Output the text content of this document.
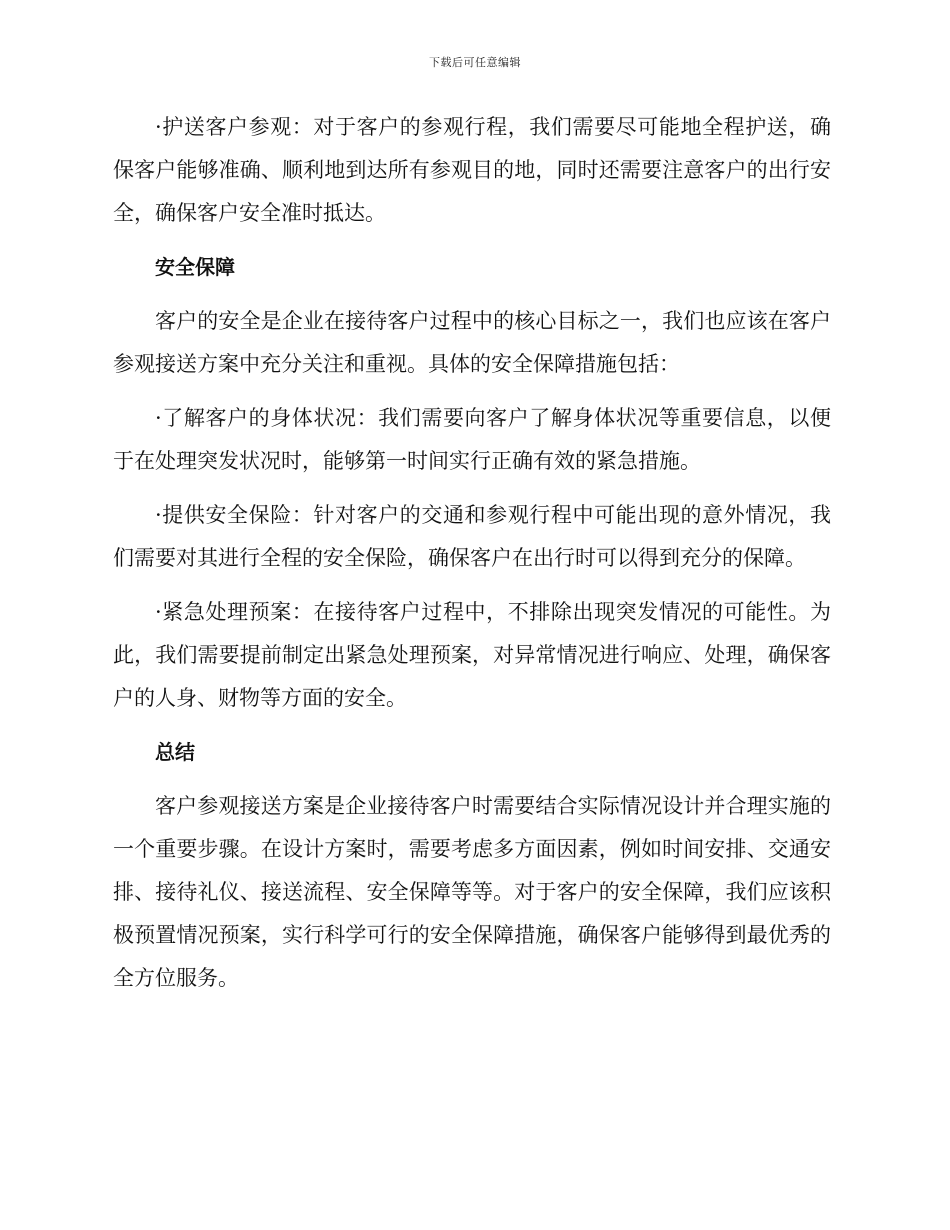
下载后可任意编辑

·护送客户参观：对于客户的参观行程，我们需要尽可能地全程护送，确保客户能够准确、顺利地到达所有参观目的地，同时还需要注意客户的出行安全，确保客户安全准时抵达。

安全保障

客户的安全是企业在接待客户过程中的核心目标之一，我们也应该在客户参观接送方案中充分关注和重视。具体的安全保障措施包括：

·了解客户的身体状况：我们需要向客户了解身体状况等重要信息，以便于在处理突发状况时，能够第一时间实行正确有效的紧急措施。

·提供安全保险：针对客户的交通和参观行程中可能出现的意外情况，我们需要对其进行全程的安全保险，确保客户在出行时可以得到充分的保障。

·紧急处理预案：在接待客户过程中，不排除出现突发情况的可能性。为此，我们需要提前制定出紧急处理预案，对异常情况进行响应、处理，确保客户的人身、财物等方面的安全。

总结

客户参观接送方案是企业接待客户时需要结合实际情况设计并合理实施的一个重要步骤。在设计方案时，需要考虑多方面因素，例如时间安排、交通安排、接待礼仪、接送流程、安全保障等等。对于客户的安全保障，我们应该积极预置情况预案，实行科学可行的安全保障措施，确保客户能够得到最优秀的全方位服务。
